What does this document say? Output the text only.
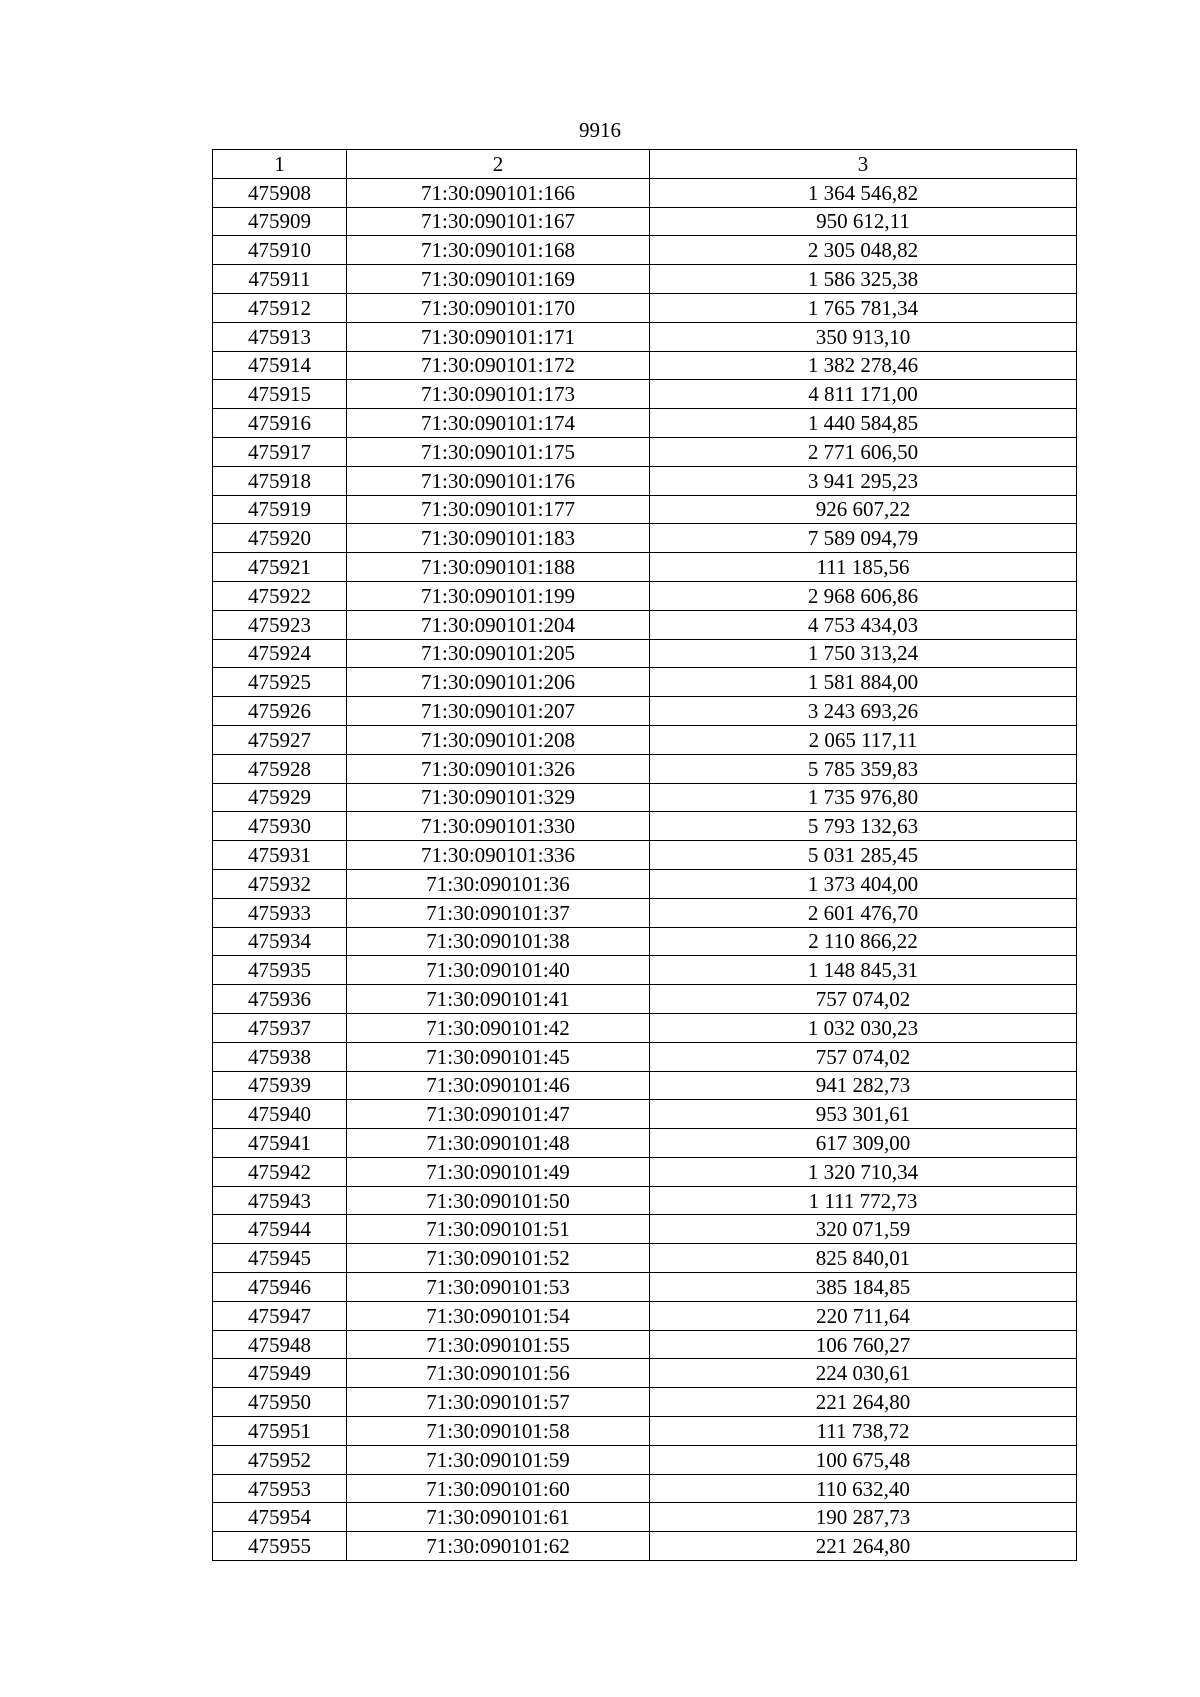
9916
1	2	3
475908	71:30:090101:166	1 364 546,82
475909	71:30:090101:167	950 612,11
475910	71:30:090101:168	2 305 048,82
475911	71:30:090101:169	1 586 325,38
475912	71:30:090101:170	1 765 781,34
475913	71:30:090101:171	350 913,10
475914	71:30:090101:172	1 382 278,46
475915	71:30:090101:173	4 811 171,00
475916	71:30:090101:174	1 440 584,85
475917	71:30:090101:175	2 771 606,50
475918	71:30:090101:176	3 941 295,23
475919	71:30:090101:177	926 607,22
475920	71:30:090101:183	7 589 094,79
475921	71:30:090101:188	111 185,56
475922	71:30:090101:199	2 968 606,86
475923	71:30:090101:204	4 753 434,03
475924	71:30:090101:205	1 750 313,24
475925	71:30:090101:206	1 581 884,00
475926	71:30:090101:207	3 243 693,26
475927	71:30:090101:208	2 065 117,11
475928	71:30:090101:326	5 785 359,83
475929	71:30:090101:329	1 735 976,80
475930	71:30:090101:330	5 793 132,63
475931	71:30:090101:336	5 031 285,45
475932	71:30:090101:36	1 373 404,00
475933	71:30:090101:37	2 601 476,70
475934	71:30:090101:38	2 110 866,22
475935	71:30:090101:40	1 148 845,31
475936	71:30:090101:41	757 074,02
475937	71:30:090101:42	1 032 030,23
475938	71:30:090101:45	757 074,02
475939	71:30:090101:46	941 282,73
475940	71:30:090101:47	953 301,61
475941	71:30:090101:48	617 309,00
475942	71:30:090101:49	1 320 710,34
475943	71:30:090101:50	1 111 772,73
475944	71:30:090101:51	320 071,59
475945	71:30:090101:52	825 840,01
475946	71:30:090101:53	385 184,85
475947	71:30:090101:54	220 711,64
475948	71:30:090101:55	106 760,27
475949	71:30:090101:56	224 030,61
475950	71:30:090101:57	221 264,80
475951	71:30:090101:58	111 738,72
475952	71:30:090101:59	100 675,48
475953	71:30:090101:60	110 632,40
475954	71:30:090101:61	190 287,73
475955	71:30:090101:62	221 264,80
